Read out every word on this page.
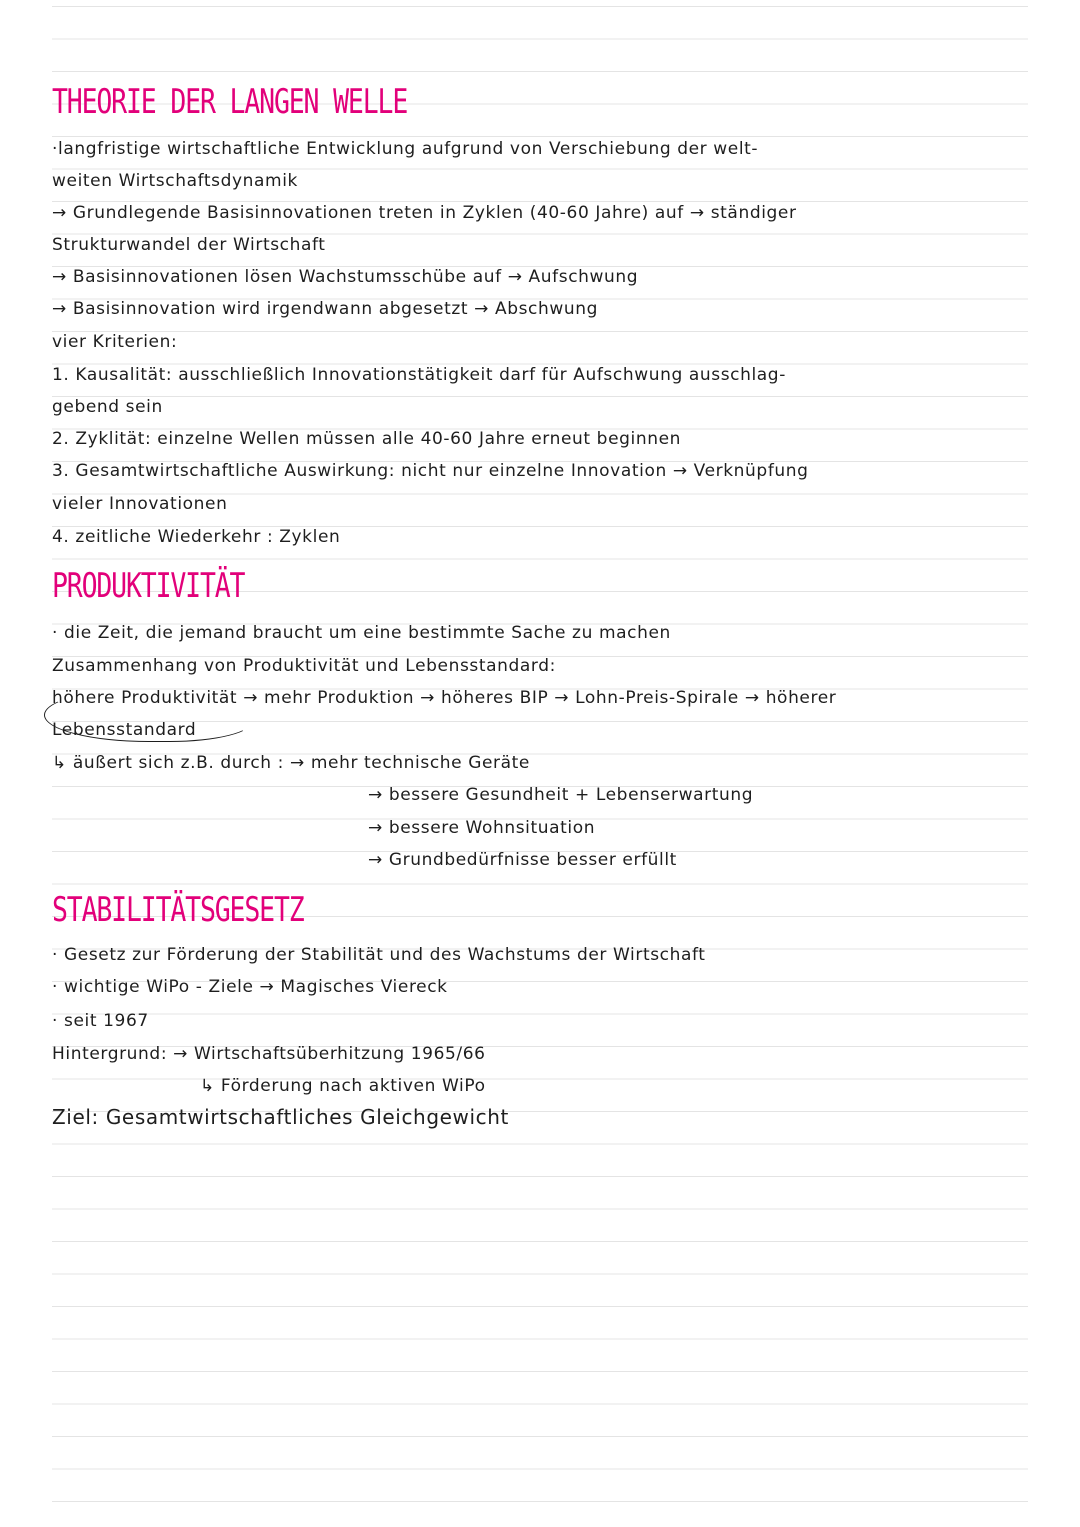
THEORIE DER LANGEN WELLE
·langfristige wirtschaftliche Entwicklung aufgrund von Verschiebung der welt-
weiten Wirtschaftsdynamik
→ Grundlegende Basisinnovationen treten in Zyklen (40-60 Jahre) auf → ständiger
Strukturwandel der Wirtschaft
→ Basisinnovationen lösen Wachstumsschübe auf → Aufschwung
→ Basisinnovation wird irgendwann abgesetzt → Abschwung
vier Kriterien:
1. Kausalität: ausschließlich Innovationstätigkeit darf für Aufschwung ausschlag-
gebend sein
2. Zyklität: einzelne Wellen müssen alle 40-60 Jahre erneut beginnen
3. Gesamtwirtschaftliche Auswirkung: nicht nur einzelne Innovation → Verknüpfung
vieler Innovationen
4. zeitliche Wiederkehr : Zyklen
PRODUKTIVITÄT
· die Zeit, die jemand braucht um eine bestimmte Sache zu machen
Zusammenhang von Produktivität und Lebensstandard:
höhere Produktivität → mehr Produktion → höheres BIP → Lohn-Preis-Spirale → höherer
Lebensstandard
↳ äußert sich z.B. durch : → mehr technische Geräte
→ bessere Gesundheit + Lebenserwartung
→ bessere Wohnsituation
→ Grundbedürfnisse besser erfüllt
STABILITÄTSGESETZ
· Gesetz zur Förderung der Stabilität und des Wachstums der Wirtschaft
· wichtige WiPo - Ziele → Magisches Viereck
· seit 1967
Hintergrund: → Wirtschaftsüberhitzung 1965/66
↳ Förderung nach aktiven WiPo
Ziel: Gesamtwirtschaftliches Gleichgewicht
